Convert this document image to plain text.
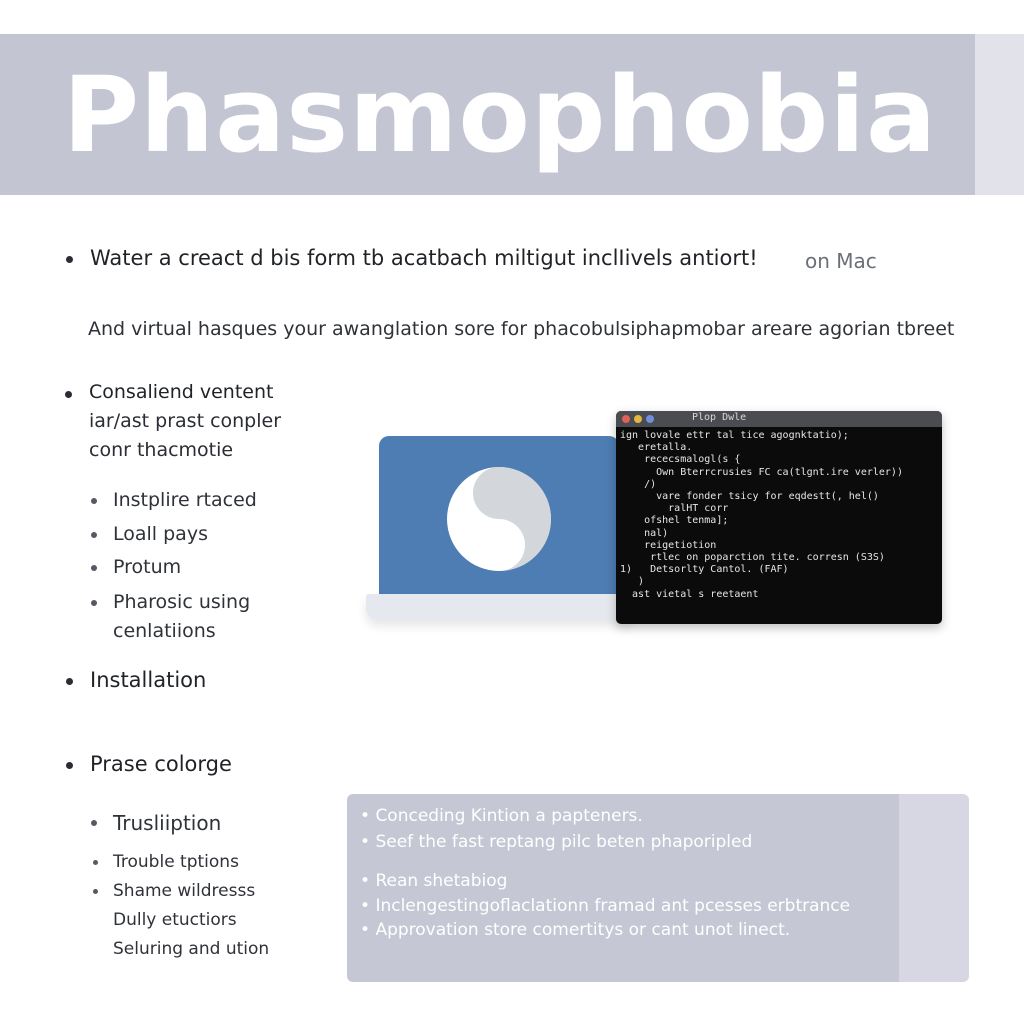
Phasmophobia
Water a creact d bis form tb acatbach miltigut inclIivels antiort! on Mac
And virtual hasques your awanglation sore for phacobulsiphapmobar areare agorian tbreet
Consaliend ventent
iar/ast prast conpler
conr thacmotie
Instplire rtaced
Loall pays
Protum
Pharosic using
cenlatiions
Installation
Prase colorge
Trusliiption
Trouble tptions
Shame wildresss
Dully etuctiors
Seluring and ution
Plop Dwle
ign lovale ettr tal tice agognktatio);
eretalla.
rececsmalogl(s {
Own Bterrcrusies FC ca(tlgnt.ire verler))
/)
vare fonder tsicy for eqdestt(, hel()
ralHT corr
ofshel tenma];
nal)
reigetiotion
rtlec on poparction tite. corresn (S3S)
1)   Detsorlty Cantol. (FAF)
)
ast vietal s reetaent
• Conceding Kintion a papteners.
• Seef the fast reptang pilc beten phaporipled
• Rean shetabiog
• Inclengestingoflaclationn framad ant pcesses erbtrance
• Approvation store comertitys or cant unot linect.
